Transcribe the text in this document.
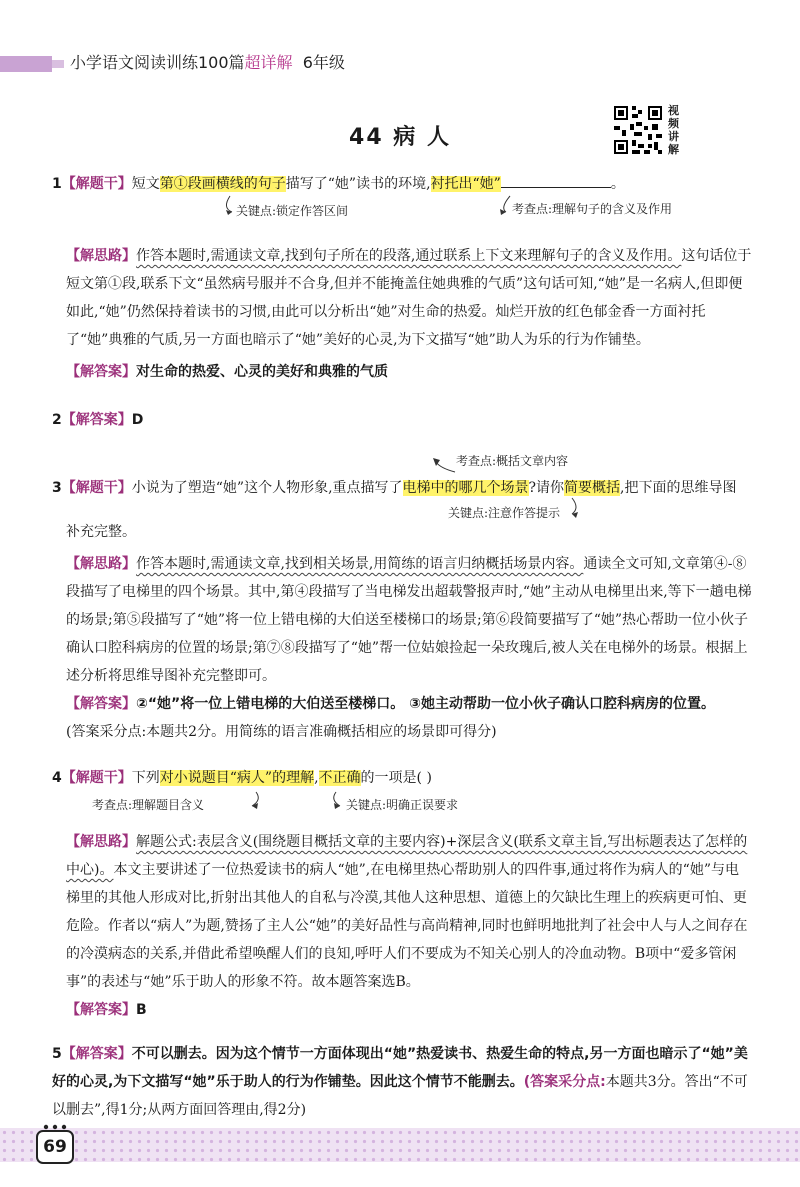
小学语文阅读训练100篇超详解 6年级
44 病 人
视
频
讲
解
1【解题干】短文第①段画横线的句子描写了“她”读书的环境,衬托出“她”	。
关键点:锁定作答区间	考查点:理解句子的含义及作用
【解思路】作答本题时,需通读文章,找到句子所在的段落,通过联系上下文来理解句子的含义及作用。这句话位于短文第①段,联系下文“虽然病号服并不合身,但并不能掩盖住她典雅的气质”这句话可知,“她”是一名病人,但即便如此,“她”仍然保持着读书的习惯,由此可以分析出“她”对生命的热爱。灿烂开放的红色郁金香一方面衬托了“她”典雅的气质,另一方面也暗示了“她”美好的心灵,为下文描写“她”助人为乐的行为作铺垫。
【解答案】对生命的热爱、心灵的美好和典雅的气质
2【解答案】D
考查点:概括文章内容
3【解题干】小说为了塑造“她”这个人物形象,重点描写了电梯中的哪几个场景?请你简要概括,把下面的思维导图
关键点:注意作答提示
补充完整。
【解思路】作答本题时,需通读文章,找到相关场景,用简练的语言归纳概括场景内容。通读全文可知,文章第④-⑧段描写了电梯里的四个场景。其中,第④段描写了当电梯发出超载警报声时,“她”主动从电梯里出来,等下一趟电梯的场景;第⑤段描写了“她”将一位上错电梯的大伯送至楼梯口的场景;第⑥段简要描写了“她”热心帮助一位小伙子确认口腔科病房的位置的场景;第⑦⑧段描写了“她”帮一位姑娘捡起一朵玫瑰后,被人关在电梯外的场景。根据上述分析将思维导图补充完整即可。
【解答案】②“她”将一位上错电梯的大伯送至楼梯口。 ③她主动帮助一位小伙子确认口腔科病房的位置。
(答案采分点:本题共2分。用简练的语言准确概括相应的场景即可得分)
4【解题干】下列对小说题目“病人”的理解,不正确的一项是( )
考查点:理解题目含义	关键点:明确正误要求
【解思路】解题公式:表层含义(围绕题目概括文章的主要内容)+深层含义(联系文章主旨,写出标题表达了怎样的中心)。本文主要讲述了一位热爱读书的病人“她”,在电梯里热心帮助别人的四件事,通过将作为病人的“她”与电梯里的其他人形成对比,折射出其他人的自私与冷漠,其他人这种思想、道德上的欠缺比生理上的疾病更可怕、更危险。作者以“病人”为题,赞扬了主人公“她”的美好品性与高尚精神,同时也鲜明地批判了社会中人与人之间存在的冷漠病态的关系,并借此希望唤醒人们的良知,呼吁人们不要成为不知关心别人的冷血动物。B项中“爱多管闲事”的表述与“她”乐于助人的形象不符。故本题答案选B。
【解答案】B
5【解答案】不可以删去。因为这个情节一方面体现出“她”热爱读书、热爱生命的特点,另一方面也暗示了“她”美好的心灵,为下文描写“她”乐于助人的行为作铺垫。因此这个情节不能删去。(答案采分点:本题共3分。答出“不可以删去”,得1分;从两方面回答理由,得2分)
69
